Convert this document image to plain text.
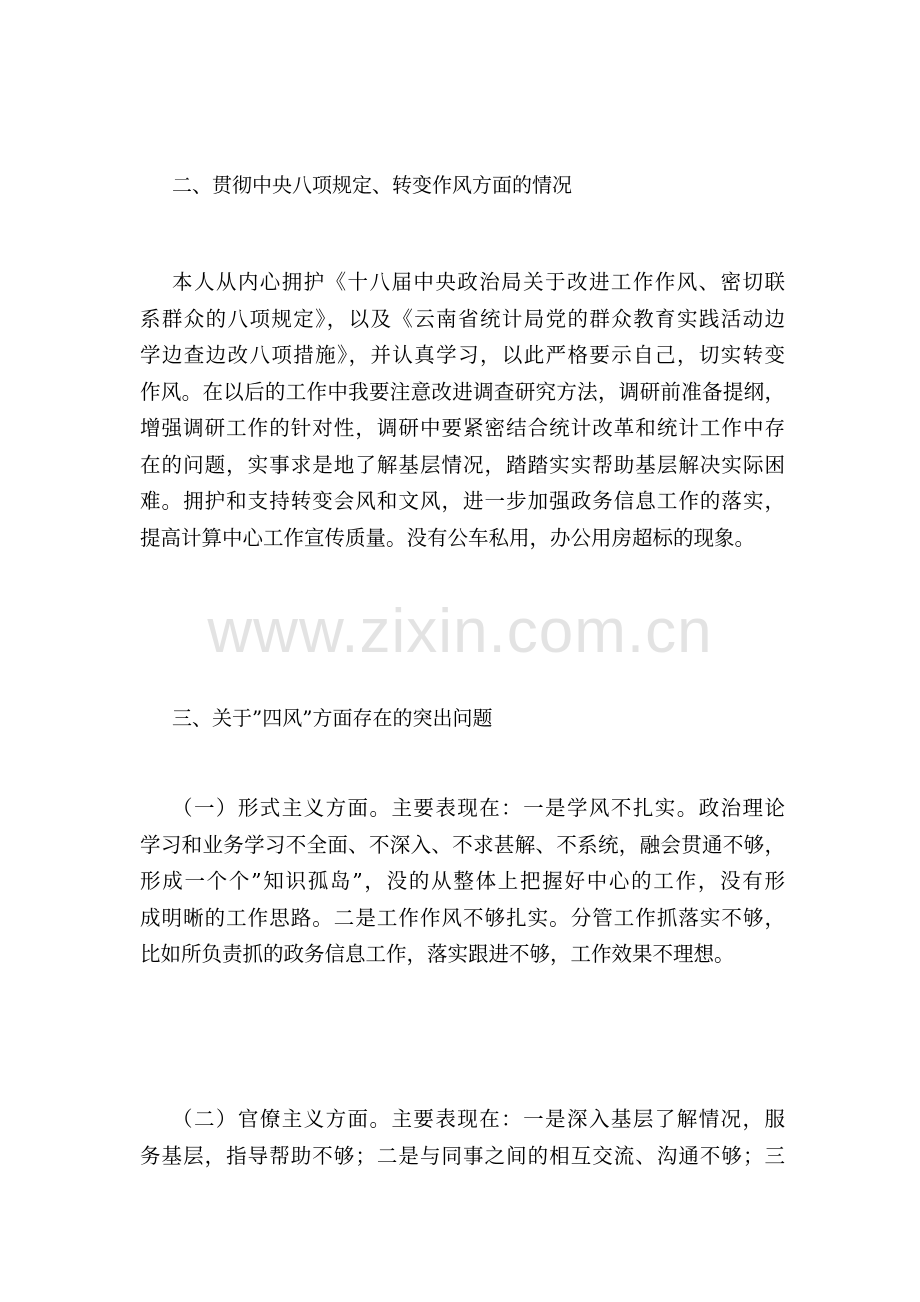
二、贯彻中央八项规定、转变作风方面的情况
本人从内心拥护《十八届中央政治局关于改进工作作风、密切联
系群众的八项规定》，以及《云南省统计局党的群众教育实践活动边
学边查边改八项措施》，并认真学习，以此严格要示自己，切实转变
作风。在以后的工作中我要注意改进调查研究方法，调研前准备提纲，
增强调研工作的针对性，调研中要紧密结合统计改革和统计工作中存
在的问题，实事求是地了解基层情况，踏踏实实帮助基层解决实际困
难。拥护和支持转变会风和文风，进一步加强政务信息工作的落实，
提高计算中心工作宣传质量。没有公车私用，办公用房超标的现象。
三、关于”四风”方面存在的突出问题
（一）形式主义方面。主要表现在：一是学风不扎实。政治理论
学习和业务学习不全面、不深入、不求甚解、不系统，融会贯通不够，
形成一个个”知识孤岛”，没的从整体上把握好中心的工作，没有形
成明晰的工作思路。二是工作作风不够扎实。分管工作抓落实不够，
比如所负责抓的政务信息工作，落实跟进不够，工作效果不理想。
（二）官僚主义方面。主要表现在：一是深入基层了解情况，服
务基层，指导帮助不够；二是与同事之间的相互交流、沟通不够；三
www.zixin.com.cn
